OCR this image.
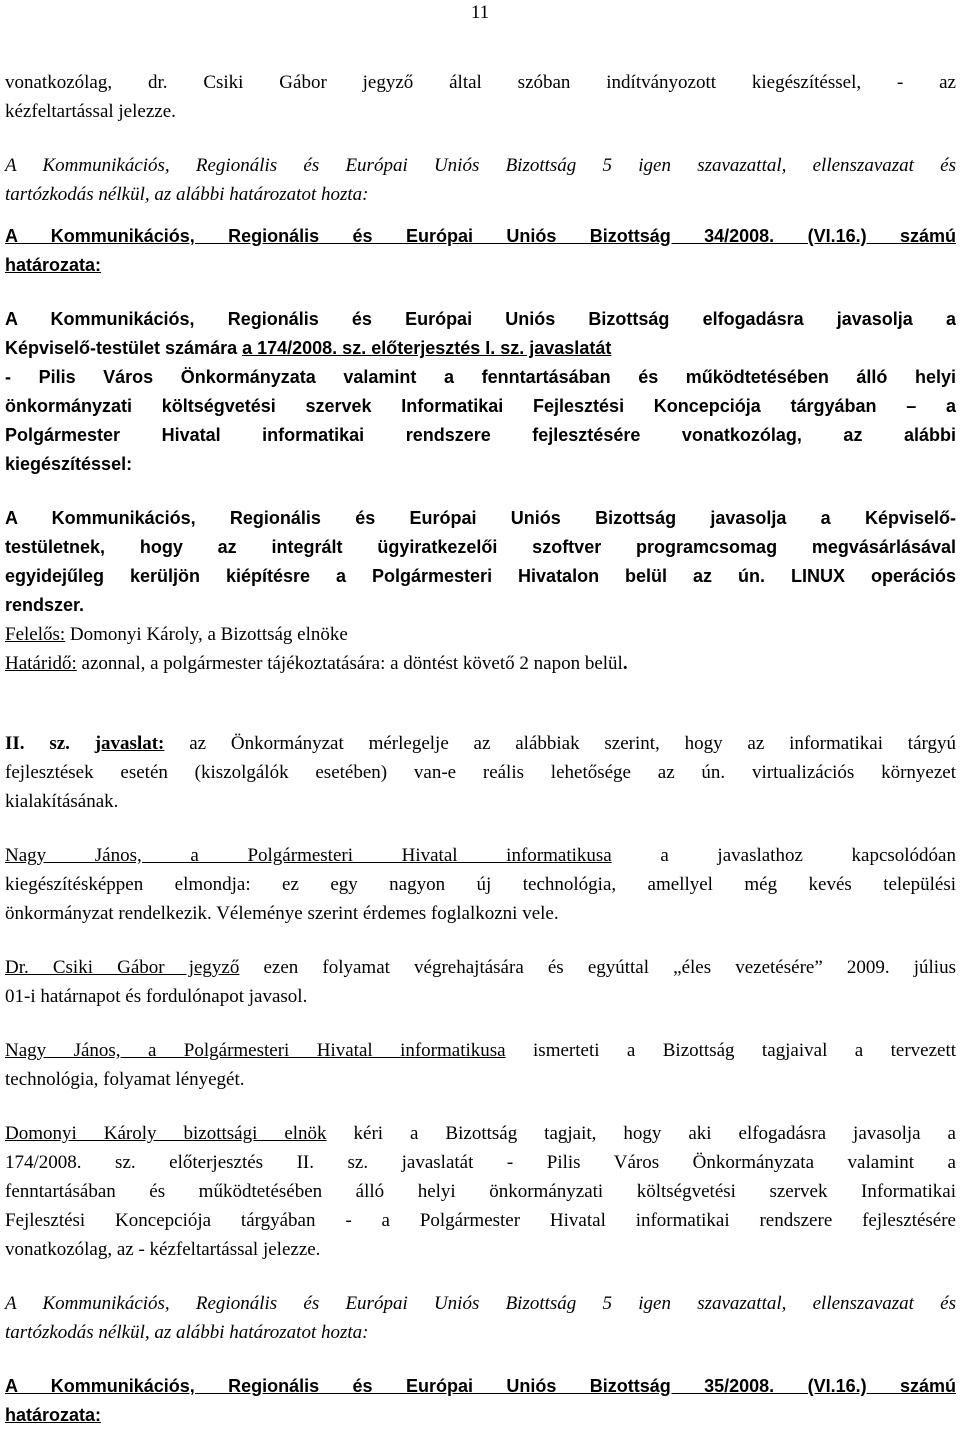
11

vonatkozólag, dr. Csiki Gábor jegyző által szóban indítványozott kiegészítéssel, - az

kézfeltartással jelezze.

A Kommunikációs, Regionális és Európai Uniós Bizottság 5 igen szavazattal, ellenszavazat és

tartózkodás nélkül, az alábbi határozatot hozta:

A Kommunikációs, Regionális és Európai Uniós Bizottság 34/2008. (VI.16.) számú

határozata:

A Kommunikációs, Regionális és Európai Uniós Bizottság elfogadásra javasolja a

Képviselő-testület számára a 174/2008. sz. előterjesztés I. sz. javaslatát

- Pilis Város Önkormányzata valamint a fenntartásában és működtetésében álló helyi

önkormányzati költségvetési szervek Informatikai Fejlesztési Koncepciója tárgyában – a

Polgármester Hivatal informatikai rendszere fejlesztésére vonatkozólag, az alábbi

kiegészítéssel:

A Kommunikációs, Regionális és Európai Uniós Bizottság javasolja a Képviselő-

testületnek, hogy az integrált ügyiratkezelői szoftver programcsomag megvásárlásával

egyidejűleg kerüljön kiépítésre a Polgármesteri Hivatalon belül az ún. LINUX operációs

rendszer.

Felelős: Domonyi Károly, a Bizottság elnöke

Határidő: azonnal, a polgármester tájékoztatására: a döntést követő 2 napon belül.

II. sz. javaslat: az Önkormányzat mérlegelje az alábbiak szerint, hogy az informatikai tárgyú

fejlesztések esetén (kiszolgálók esetében) van-e reális lehetősége az ún. virtualizációs környezet

kialakításának.

Nagy János, a Polgármesteri Hivatal informatikusa a javaslathoz kapcsolódóan

kiegészítésképpen elmondja: ez egy nagyon új technológia, amellyel még kevés települési

önkormányzat rendelkezik. Véleménye szerint érdemes foglalkozni vele.

Dr. Csiki Gábor jegyző ezen folyamat végrehajtására és egyúttal „éles vezetésére” 2009. július

01-i határnapot és fordulónapot javasol.

Nagy János, a Polgármesteri Hivatal informatikusa ismerteti a Bizottság tagjaival a tervezett

technológia, folyamat lényegét.

Domonyi Károly bizottsági elnök kéri a Bizottság tagjait, hogy aki elfogadásra javasolja a

174/2008. sz. előterjesztés II. sz. javaslatát - Pilis Város Önkormányzata valamint a

fenntartásában és működtetésében álló helyi önkormányzati költségvetési szervek Informatikai

Fejlesztési Koncepciója tárgyában - a Polgármester Hivatal informatikai rendszere fejlesztésére

vonatkozólag, az - kézfeltartással jelezze.

A Kommunikációs, Regionális és Európai Uniós Bizottság 5 igen szavazattal, ellenszavazat és

tartózkodás nélkül, az alábbi határozatot hozta:

A Kommunikációs, Regionális és Európai Uniós Bizottság 35/2008. (VI.16.) számú

határozata:
